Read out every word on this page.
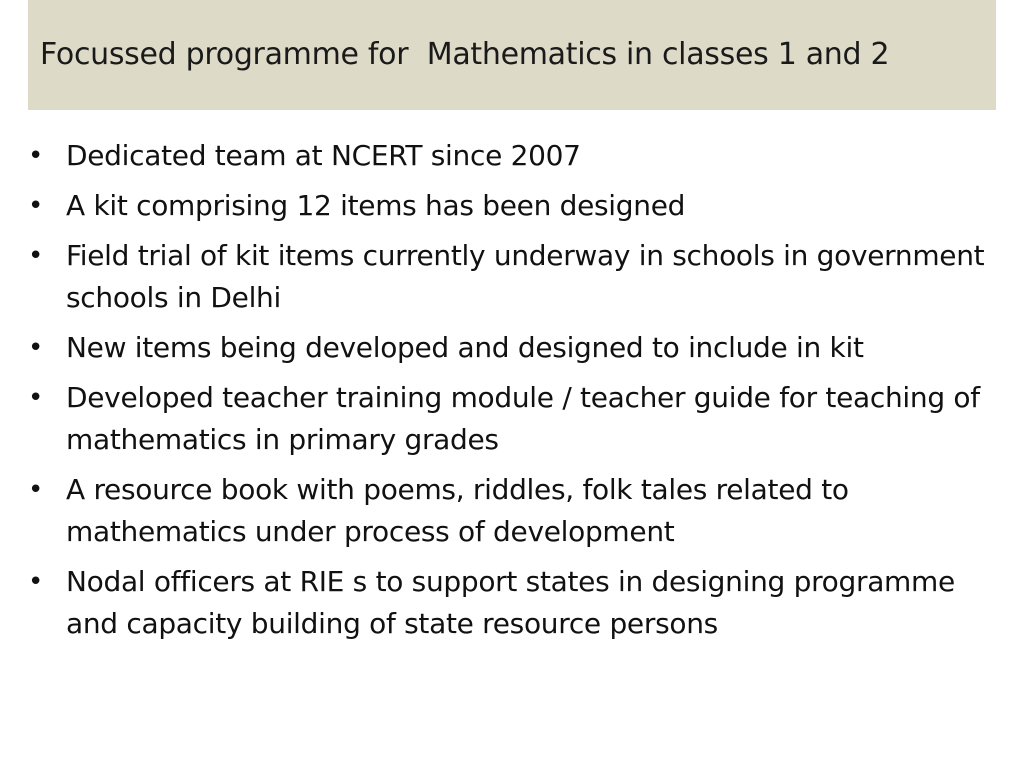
Focussed programme for  Mathematics in classes 1 and 2
• Dedicated team at NCERT since 2007
• A kit comprising 12 items has been designed
• Field trial of kit items currently underway in schools in government schools in Delhi
• New items being developed and designed to include in kit
• Developed teacher training module / teacher guide for teaching of mathematics in primary grades
• A resource book with poems, riddles, folk tales related to mathematics under process of development
• Nodal officers at RIE s to support states in designing programme and capacity building of state resource persons
